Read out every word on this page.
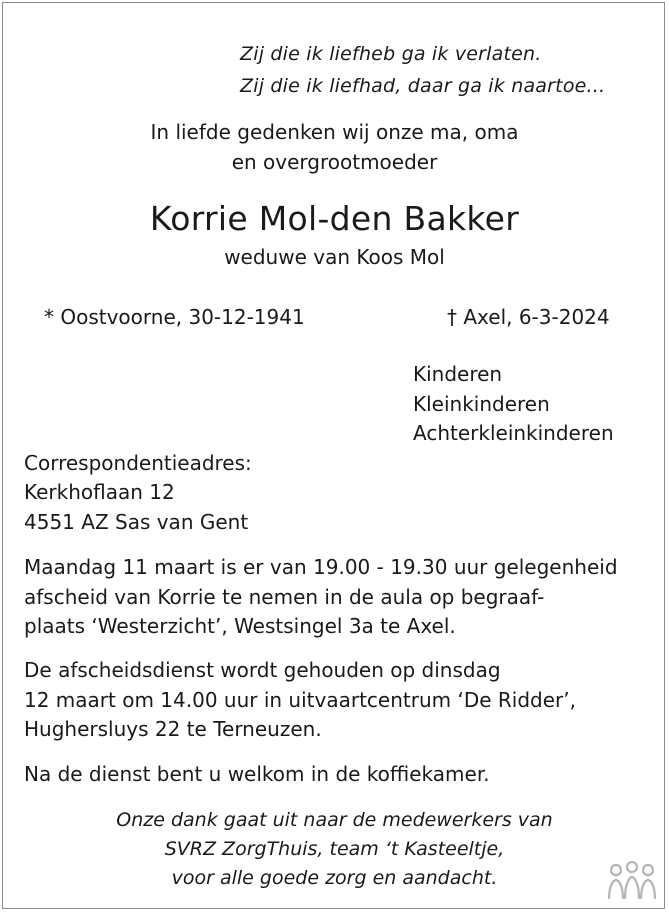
Zij die ik liefheb ga ik verlaten.
Zij die ik liefhad, daar ga ik naartoe...
In liefde gedenken wij onze ma, oma
en overgrootmoeder
Korrie Mol-den Bakker
weduwe van Koos Mol
* Oostvoorne, 30-12-1941	† Axel, 6-3-2024
Kinderen
Kleinkinderen
Achterkleinkinderen
Correspondentieadres:
Kerkhoflaan 12
4551 AZ Sas van Gent
Maandag 11 maart is er van 19.00 - 19.30 uur gelegenheid
afscheid van Korrie te nemen in de aula op begraaf-
plaats ‘Westerzicht’, Westsingel 3a te Axel.
De afscheidsdienst wordt gehouden op dinsdag
12 maart om 14.00 uur in uitvaartcentrum ‘De Ridder’,
Hughersluys 22 te Terneuzen.
Na de dienst bent u welkom in de koffiekamer.
Onze dank gaat uit naar de medewerkers van
SVRZ ZorgThuis, team ‘t Kasteeltje,
voor alle goede zorg en aandacht.
